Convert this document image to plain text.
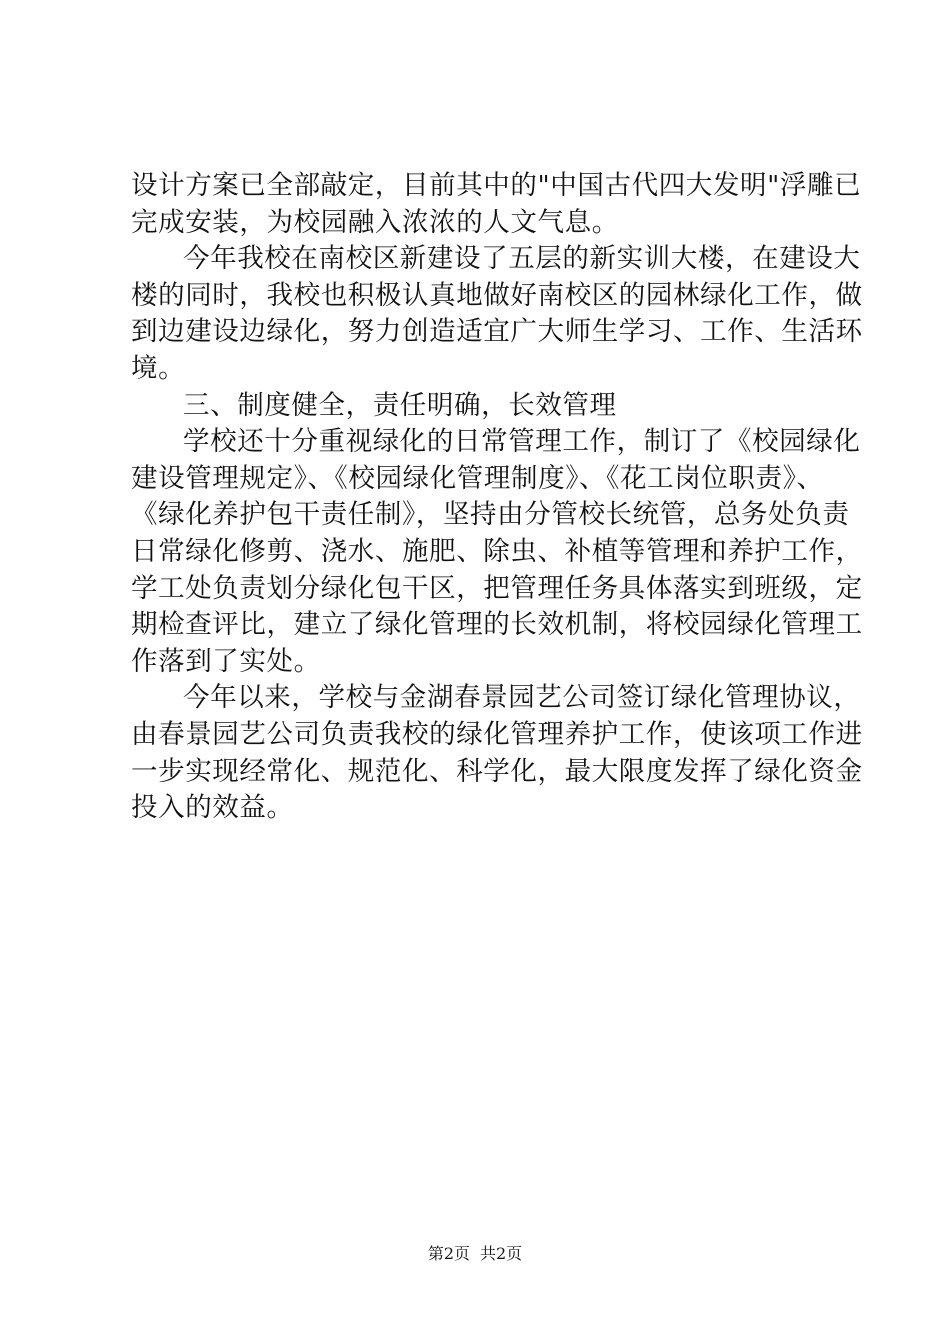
设计方案已全部敲定，目前其中的"中国古代四大发明"浮雕已
完成安装，为校园融入浓浓的人文气息。
今年我校在南校区新建设了五层的新实训大楼，在建设大
楼的同时，我校也积极认真地做好南校区的园林绿化工作，做
到边建设边绿化，努力创造适宜广大师生学习、工作、生活环
境。
三、制度健全，责任明确，长效管理
学校还十分重视绿化的日常管理工作，制订了《校园绿化
建设管理规定》、《校园绿化管理制度》、《花工岗位职责》、
《绿化养护包干责任制》，坚持由分管校长统管，总务处负责
日常绿化修剪、浇水、施肥、除虫、补植等管理和养护工作，
学工处负责划分绿化包干区，把管理任务具体落实到班级，定
期检查评比，建立了绿化管理的长效机制，将校园绿化管理工
作落到了实处。
今年以来，学校与金湖春景园艺公司签订绿化管理协议，
由春景园艺公司负责我校的绿化管理养护工作，使该项工作进
一步实现经常化、规范化、科学化，最大限度发挥了绿化资金
投入的效益。
第2页 共2页
